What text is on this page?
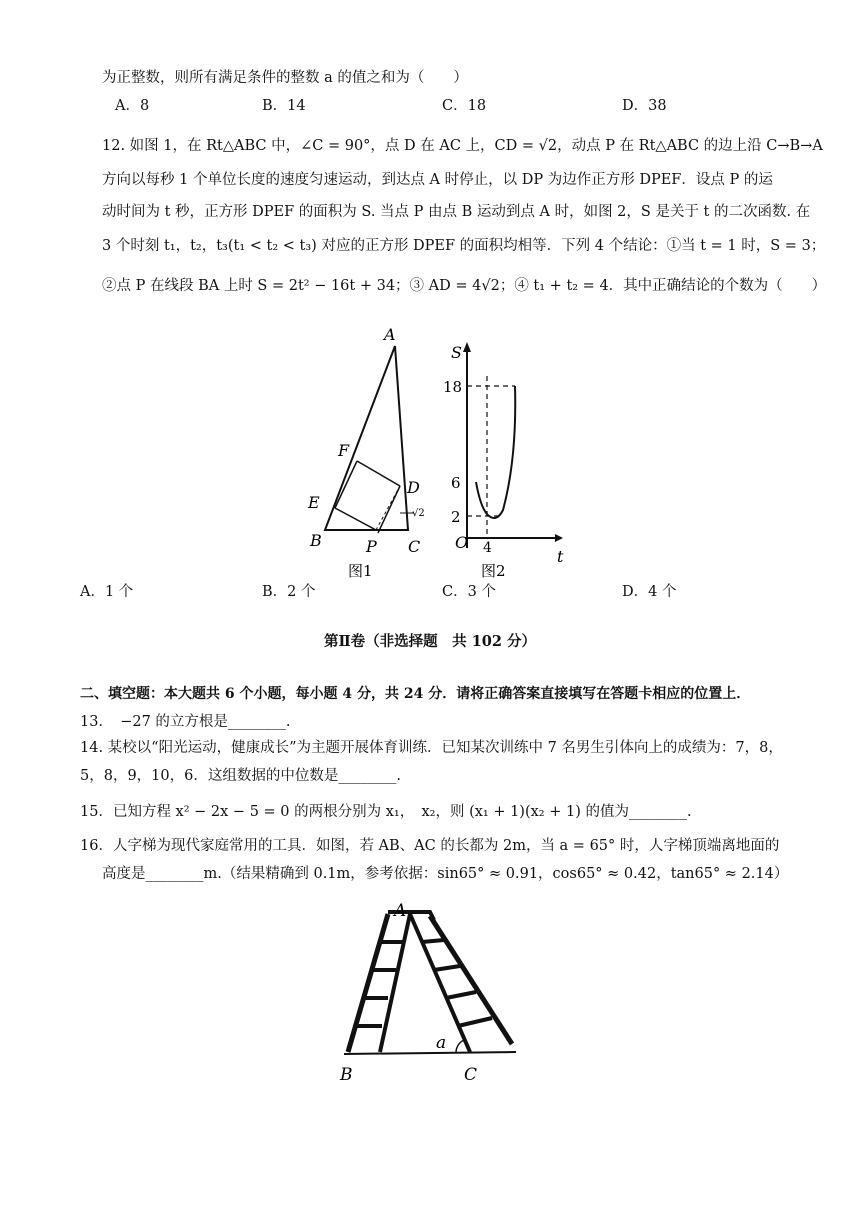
为正整数，则所有满足条件的整数 a 的值之和为（　　）
A．8	B．14	C．18	D．38
12. 如图 1，在 Rt△ABC 中，∠C = 90°，点 D 在 AC 上，CD = √2，动点 P 在 Rt△ABC 的边上沿 C→B→A
方向以每秒 1 个单位长度的速度匀速运动，到达点 A 时停止，以 DP 为边作正方形 DPEF．设点 P 的运
动时间为 t 秒，正方形 DPEF 的面积为 S. 当点 P 由点 B 运动到点 A 时，如图 2，S 是关于 t 的二次函数. 在
3 个时刻 t₁，t₂，t₃(t₁ < t₂ < t₃) 对应的正方形 DPEF 的面积均相等．下列 4 个结论：①当 t = 1 时，S = 3；
②点 P 在线段 BA 上时 S = 2t² − 16t + 34；③ AD = 4√2；④ t₁ + t₂ = 4．其中正确结论的个数为（　　）
A
F
E
D
√2
B	P C
图1
S
18
6
2
O 4	t
图2
A．1 个	B．2 个	C．3 个	D．4 个
第Ⅱ卷（非选择题　共 102 分）
二、填空题：本大题共 6 个小题，每小题 4 分，共 24 分．请将正确答案直接填写在答题卡相应的位置上．
13．　−27 的立方根是________.
14. 某校以“阳光运动，健康成长”为主题开展体育训练．已知某次训练中 7 名男生引体向上的成绩为：7，8，
5，8，9，10，6．这组数据的中位数是________.
15．已知方程 x² − 2x − 5 = 0 的两根分别为 x₁，　x₂，则 (x₁ + 1)(x₂ + 1) 的值为________.
16．人字梯为现代家庭常用的工具．如图，若 AB、AC 的长都为 2m，当 a = 65° 时，人字梯顶端离地面的
高度是________m.（结果精确到 0.1m，参考依据：sin65° ≈ 0.91，cos65° ≈ 0.42，tan65° ≈ 2.14）
A
a
B	C
